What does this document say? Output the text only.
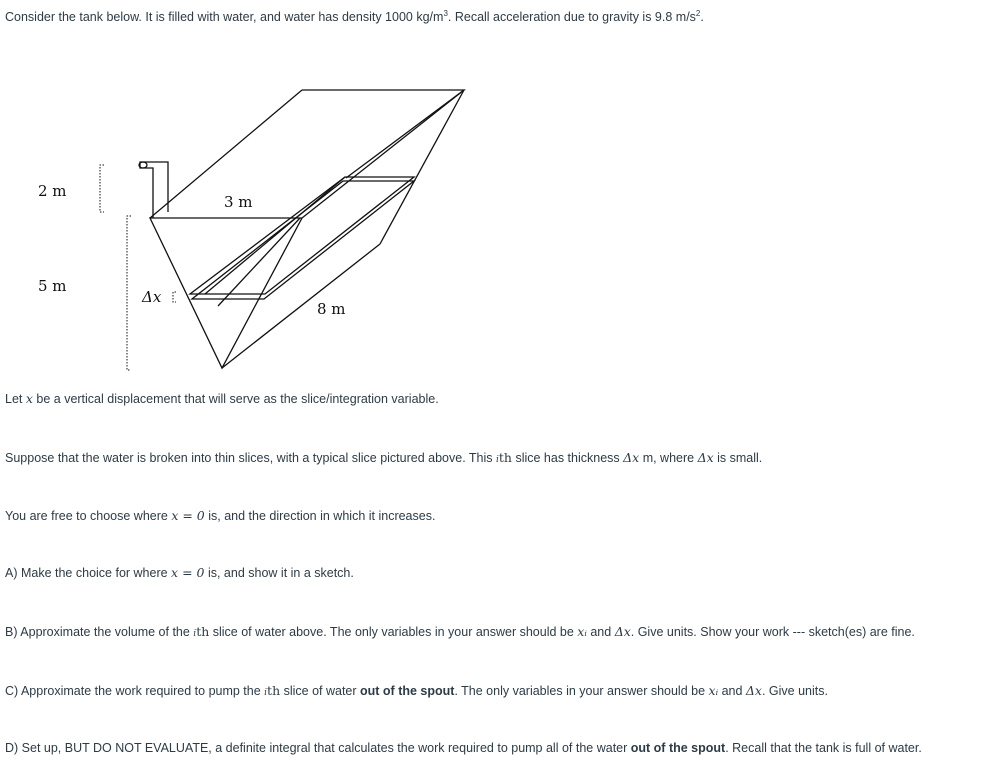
Consider the tank below. It is filled with water, and water has density 1000 $kg/m^3$. Recall acceleration due to gravity is 9.8 $m/s^2$.
2 m
5 m
3 m
8 m
Δx
Let x be a vertical displacement that will serve as the slice/integration variable.
Suppose that the water is broken into thin slices, with a typical slice pictured above. This ith slice has thickness Δx m, where Δx is small.
You are free to choose where x = 0 is, and the direction in which it increases.
A) Make the choice for where x = 0 is, and show it in a sketch.
B) Approximate the volume of the ith slice of water above. The only variables in your answer should be xᵢ and Δx. Give units. Show your work --- sketch(es) are fine.
C) Approximate the work required to pump the ith slice of water out of the spout. The only variables in your answer should be xᵢ and Δx. Give units.
D) Set up, BUT DO NOT EVALUATE, a definite integral that calculates the work required to pump all of the water out of the spout. Recall that the tank is full of water.
